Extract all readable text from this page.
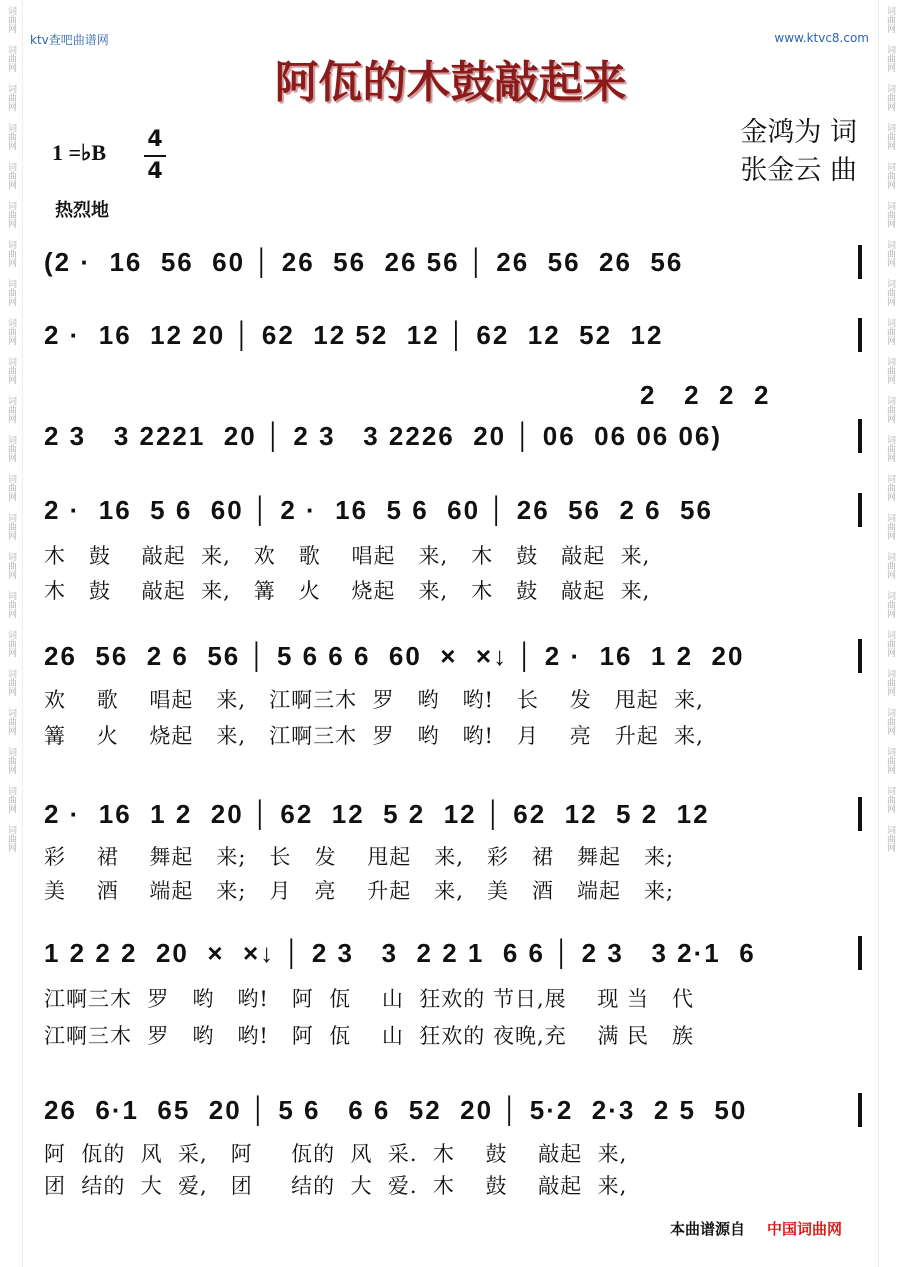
词曲网
词曲网
词曲网
词曲网
词曲网
词曲网
词曲网
词曲网
词曲网
词曲网
词曲网
词曲网
词曲网
词曲网
词曲网
词曲网
词曲网
词曲网
词曲网
词曲网
词曲网
词曲网
词曲网
词曲网
词曲网
词曲网
词曲网
词曲网
词曲网
词曲网
词曲网
词曲网
词曲网
词曲网
词曲网
词曲网
词曲网
词曲网
词曲网
词曲网
词曲网
词曲网
词曲网
词曲网
ktv查吧曲谱网	www.ktvc8.com
阿佤的木鼓敲起来
1 =♭B
4
4
金鸿为 词
张金云 曲
热烈地
(2 ·  16  56  60 │ 26  56  26 56 │ 26  56  26  56
2 ·  16  12 20 │ 62  12 52  12 │ 62  12  52  12
2   2  2  2
2 3   3 2221  20 │ 2 3   3 2226  20 │ 06  06 06 06)
2 ·  16  5 6  60 │ 2 ·  16  5 6  60 │ 26  56  2 6  56
木   鼓    敲起  来,   欢   歌    唱起   来,   木   鼓   敲起  来,
木   鼓    敲起  来,   篝   火    烧起   来,   木   鼓   敲起  来,
26  56  2 6  56 │ 5 6 6 6  60  ×  ×↓ │ 2 ·  16  1 2  20
欢    歌    唱起   来,   江啊三木  罗   哟   哟!   长    发   甩起  来,
篝    火    烧起   来,   江啊三木  罗   哟   哟!   月    亮   升起  来,
2 ·  16  1 2  20 │ 62  12  5 2  12 │ 62  12  5 2  12
彩    裙    舞起   来;   长   发    甩起   来,   彩   裙   舞起   来;
美    酒    端起   来;   月   亮    升起   来,   美   酒   端起   来;
1 2 2 2  20  ×  ×↓ │ 2 3   3  2 2 1  6 6 │ 2 3   3 2·1  6
江啊三木  罗   哟   哟!   阿  佤    山  狂欢的 节日,展    现 当   代
江啊三木  罗   哟   哟!   阿  佤    山  狂欢的 夜晚,充    满 民   族
26  6·1  65  20 │ 5 6   6 6  52  20 │ 5·2  2·3  2 5  50
阿  佤的  风  采,   阿     佤的  风  采.  木    鼓    敲起  来,
团  结的  大  爱,   团     结的  大  爱.  木    鼓    敲起  来,
本曲谱源自 中国词曲网
